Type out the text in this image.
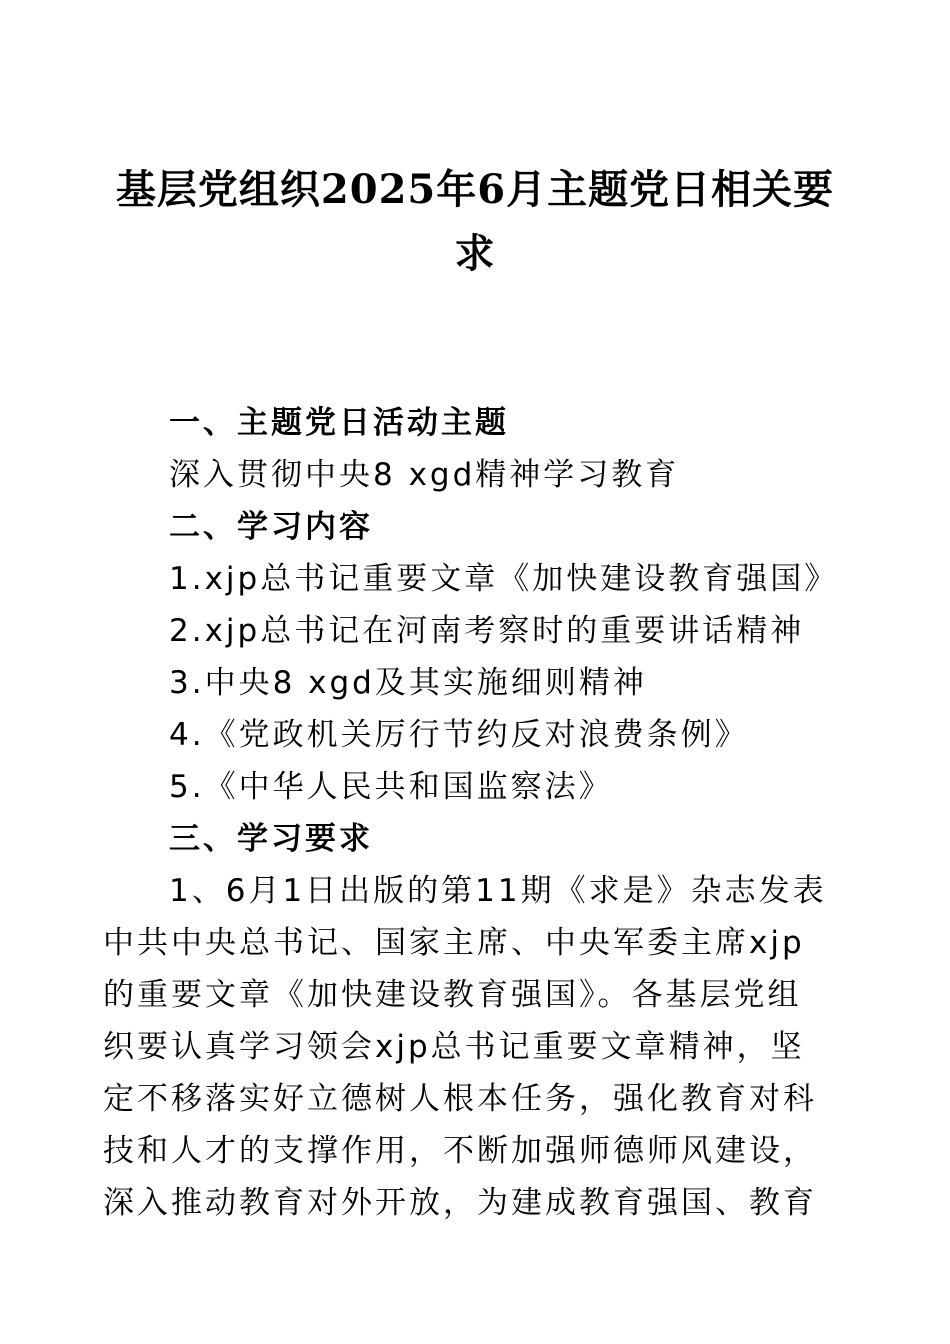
基层党组织2025年6月主题党日相关要
求
一、主题党日活动主题
深入贯彻中央8 xgd精神学习教育
二、学习内容
1.xjp总书记重要文章《加快建设教育强国》
2.xjp总书记在河南考察时的重要讲话精神
3.中央8 xgd及其实施细则精神
4.《党政机关厉行节约反对浪费条例》
5.《中华人民共和国监察法》
三、学习要求
1、6月1日出版的第11期《求是》杂志发表
中共中央总书记、国家主席、中央军委主席xjp
的重要文章《加快建设教育强国》。各基层党组
织要认真学习领会xjp总书记重要文章精神，坚
定不移落实好立德树人根本任务，强化教育对科
技和人才的支撑作用，不断加强师德师风建设，
深入推动教育对外开放，为建成教育强国、教育
